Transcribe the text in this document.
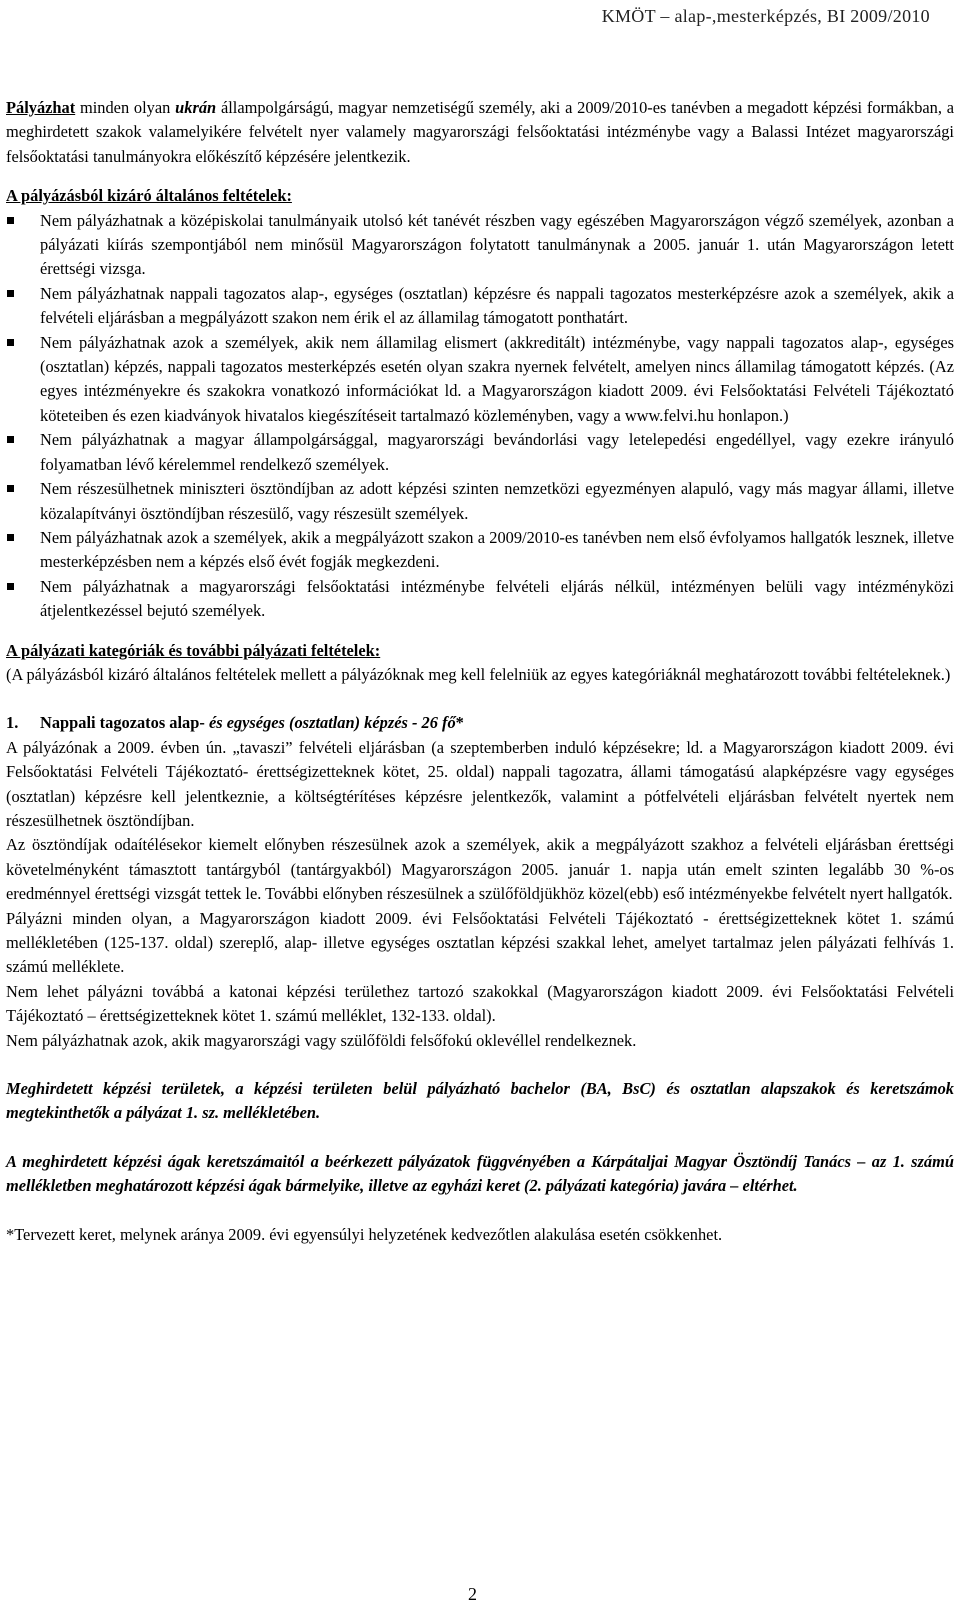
KMÖT – alap-,mesterképzés, BI 2009/2010

Pályázhat minden olyan ukrán állampolgárságú, magyar nemzetiségű személy, aki a 2009/2010-es tanévben a megadott képzési formákban, a meghirdetett szakok valamelyikére felvételt nyer valamely magyarországi felsőoktatási intézménybe vagy a Balassi Intézet magyarországi felsőoktatási tanulmányokra előkészítő képzésére jelentkezik.

A pályázásból kizáró általános feltételek:

Nem pályázhatnak a középiskolai tanulmányaik utolsó két tanévét részben vagy egészében Magyarországon végző személyek, azonban a pályázati kiírás szempontjából nem minősül Magyarországon folytatott tanulmánynak a 2005. január 1. után Magyarországon letett érettségi vizsga.
Nem pályázhatnak nappali tagozatos alap-, egységes (osztatlan) képzésre és nappali tagozatos mesterképzésre azok a személyek, akik a felvételi eljárásban a megpályázott szakon nem érik el az államilag támogatott ponthatárt.
Nem pályázhatnak azok a személyek, akik nem államilag elismert (akkreditált) intézménybe, vagy nappali tagozatos alap-, egységes (osztatlan) képzés, nappali tagozatos mesterképzés esetén olyan szakra nyernek felvételt, amelyen nincs államilag támogatott képzés. (Az egyes intézményekre és szakokra vonatkozó információkat ld. a Magyarországon kiadott 2009. évi Felsőoktatási Felvételi Tájékoztató köteteiben és ezen kiadványok hivatalos kiegészítéseit tartalmazó közleményben, vagy a www.felvi.hu honlapon.)
Nem pályázhatnak a magyar állampolgársággal, magyarországi bevándorlási vagy letelepedési engedéllyel, vagy ezekre irányuló folyamatban lévő kérelemmel rendelkező személyek.
Nem részesülhetnek miniszteri ösztöndíjban az adott képzési szinten nemzetközi egyezményen alapuló, vagy más magyar állami, illetve közalapítványi ösztöndíjban részesülő, vagy részesült személyek.
Nem pályázhatnak azok a személyek, akik a megpályázott szakon a 2009/2010-es tanévben nem első évfolyamos hallgatók lesznek, illetve mesterképzésben nem a képzés első évét fogják megkezdeni.
Nem pályázhatnak a magyarországi felsőoktatási intézménybe felvételi eljárás nélkül, intézményen belüli vagy intézményközi átjelentkezéssel bejutó személyek.

A pályázati kategóriák és további pályázati feltételek:

(A pályázásból kizáró általános feltételek mellett a pályázóknak meg kell felelniük az egyes kategóriáknál meghatározott további feltételeknek.)

1. Nappali tagozatos alap- és egységes (osztatlan) képzés - 26 fő*

A pályázónak a 2009. évben ún. „tavaszi” felvételi eljárásban (a szeptemberben induló képzésekre; ld. a Magyarországon kiadott 2009. évi Felsőoktatási Felvételi Tájékoztató- érettségizetteknek kötet, 25. oldal) nappali tagozatra, állami támogatású alapképzésre vagy egységes (osztatlan) képzésre kell jelentkeznie, a költségtérítéses képzésre jelentkezők, valamint a pótfelvételi eljárásban felvételt nyertek nem részesülhetnek ösztöndíjban.

Az ösztöndíjak odaítélésekor kiemelt előnyben részesülnek azok a személyek, akik a megpályázott szakhoz a felvételi eljárásban érettségi követelményként támasztott tantárgyból (tantárgyakból) Magyarországon 2005. január 1. napja után emelt szinten legalább 30 %-os eredménnyel érettségi vizsgát tettek le. További előnyben részesülnek a szülőföldjükhöz közel(ebb) eső intézményekbe felvételt nyert hallgatók.

Pályázni minden olyan, a Magyarországon kiadott 2009. évi Felsőoktatási Felvételi Tájékoztató - érettségizetteknek kötet 1. számú mellékletében (125-137. oldal) szereplő, alap- illetve egységes osztatlan képzési szakkal lehet, amelyet tartalmaz jelen pályázati felhívás 1. számú melléklete.

Nem lehet pályázni továbbá a katonai képzési területhez tartozó szakokkal (Magyarországon kiadott 2009. évi Felsőoktatási Felvételi Tájékoztató – érettségizetteknek kötet 1. számú melléklet, 132-133. oldal).

Nem pályázhatnak azok, akik magyarországi vagy szülőföldi felsőfokú oklevéllel rendelkeznek.

Meghirdetett képzési területek, a képzési területen belül pályázható bachelor (BA, BsC) és osztatlan alapszakok és keretszámok megtekinthetők a pályázat 1. sz. mellékletében.

A meghirdetett képzési ágak keretszámaitól a beérkezett pályázatok függvényében a Kárpátaljai Magyar Ösztöndíj Tanács – az 1. számú mellékletben meghatározott képzési ágak bármelyike, illetve az egyházi keret (2. pályázati kategória) javára – eltérhet.

*Tervezett keret, melynek aránya 2009. évi egyensúlyi helyzetének kedvezőtlen alakulása esetén csökkenhet.

2
